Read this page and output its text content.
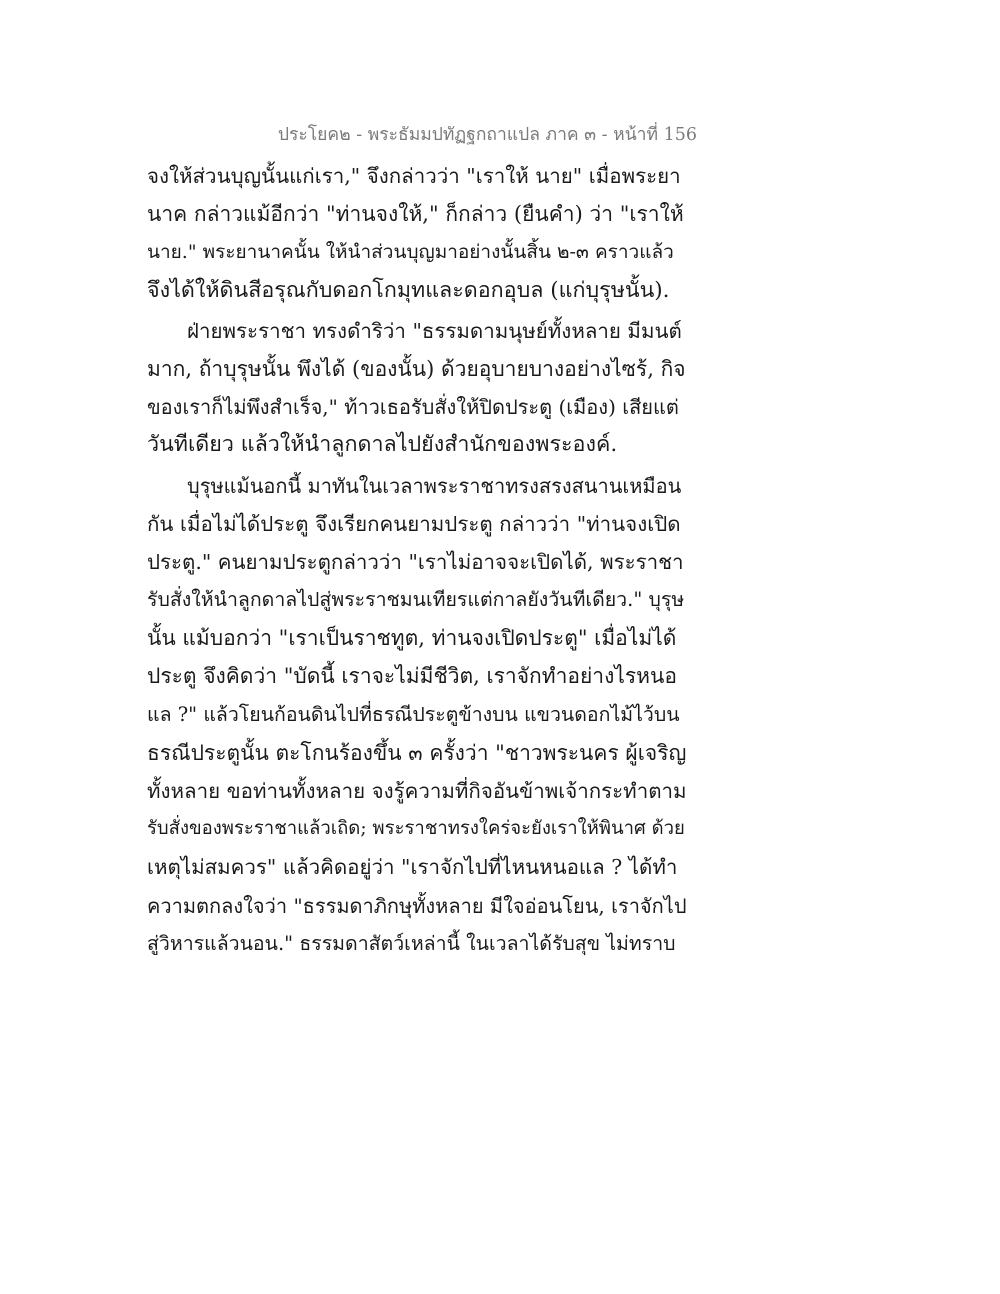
ประโยค๒ - พระธัมมปทัฏฐกถาแปล ภาค ๓ - หน้าที่ 156
จงให้ส่วนบุญนั้นแก่เรา," จึงกล่าวว่า "เราให้ นาย" เมื่อพระยา
นาค กล่าวแม้อีกว่า "ท่านจงให้," ก็กล่าว (ยืนคำ) ว่า "เราให้
นาย." พระยานาคนั้น ให้นำส่วนบุญมาอย่างนั้นสิ้น ๒-๓ คราวแล้ว
จึงได้ให้ดินสีอรุณกับดอกโกมุทและดอกอุบล (แก่บุรุษนั้น).
ฝ่ายพระราชา ทรงดำริว่า "ธรรมดามนุษย์ทั้งหลาย มีมนต์
มาก, ถ้าบุรุษนั้น พึงได้ (ของนั้น) ด้วยอุบายบางอย่างไซร้, กิจ
ของเราก็ไม่พึงสำเร็จ," ท้าวเธอรับสั่งให้ปิดประตู (เมือง) เสียแต่
วันทีเดียว แล้วให้นำลูกดาลไปยังสำนักของพระองค์.
บุรุษแม้นอกนี้ มาทันในเวลาพระราชาทรงสรงสนานเหมือน
กัน เมื่อไม่ได้ประตู จึงเรียกคนยามประตู กล่าวว่า "ท่านจงเปิด
ประตู." คนยามประตูกล่าวว่า "เราไม่อาจจะเปิดได้, พระราชา
รับสั่งให้นำลูกดาลไปสู่พระราชมนเทียรแต่กาลยังวันทีเดียว." บุรุษ
นั้น แม้บอกว่า "เราเป็นราชทูต, ท่านจงเปิดประตู" เมื่อไม่ได้
ประตู จึงคิดว่า "บัดนี้ เราจะไม่มีชีวิต, เราจักทำอย่างไรหนอ
แล ?" แล้วโยนก้อนดินไปที่ธรณีประตูข้างบน แขวนดอกไม้ไว้บน
ธรณีประตูนั้น ตะโกนร้องขึ้น ๓ ครั้งว่า "ชาวพระนคร ผู้เจริญ
ทั้งหลาย ขอท่านทั้งหลาย จงรู้ความที่กิจอันข้าพเจ้ากระทำตาม
รับสั่งของพระราชาแล้วเถิด; พระราชาทรงใคร่จะยังเราให้พินาศ ด้วย
เหตุไม่สมควร" แล้วคิดอยู่ว่า "เราจักไปที่ไหนหนอแล ? ได้ทำ
ความตกลงใจว่า "ธรรมดาภิกษุทั้งหลาย มีใจอ่อนโยน, เราจักไป
สู่วิหารแล้วนอน." ธรรมดาสัตว์เหล่านี้ ในเวลาได้รับสุข ไม่ทราบ
